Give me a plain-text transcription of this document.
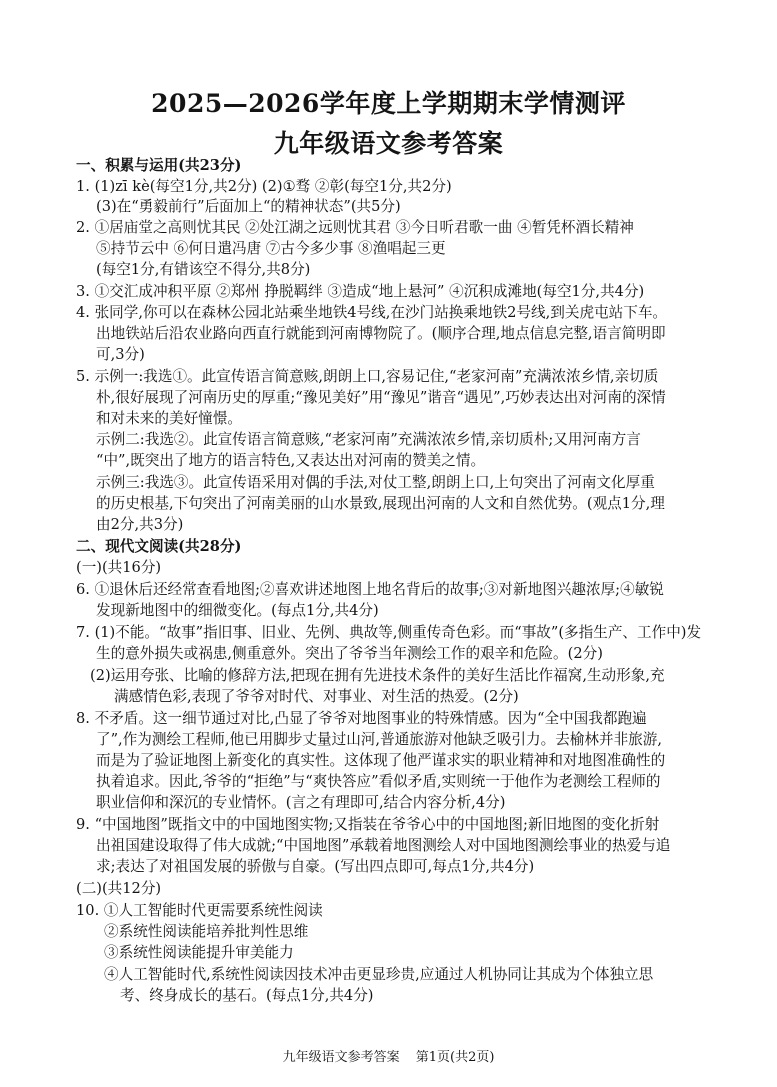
2025—2026学年度上学期期末学情测评
九年级语文参考答案
一、积累与运用(共23分)
1. (1)zī kè(每空1分,共2分) (2)①骛 ②彰(每空1分,共2分)
(3)在“勇毅前行”后面加上“的精神状态”(共5分)
2. ①居庙堂之高则忧其民 ②处江湖之远则忧其君 ③今日听君歌一曲 ④暂凭杯酒长精神
⑤持节云中 ⑥何日遣冯唐 ⑦古今多少事 ⑧渔唱起三更
(每空1分,有错该空不得分,共8分)
3. ①交汇成冲积平原 ②郑州 挣脱羁绊 ③造成“地上悬河” ④沉积成滩地(每空1分,共4分)
4. 张同学,你可以在森林公园北站乘坐地铁4号线,在沙门站换乘地铁2号线,到关虎屯站下车。
出地铁站后沿农业路向西直行就能到河南博物院了。(顺序合理,地点信息完整,语言简明即
可,3分)
5. 示例一:我选①。此宣传语言简意赅,朗朗上口,容易记住,“老家河南”充满浓浓乡情,亲切质
朴,很好展现了河南历史的厚重;“豫见美好”用“豫见”谐音“遇见”,巧妙表达出对河南的深情
和对未来的美好憧憬。
示例二:我选②。此宣传语言简意赅,“老家河南”充满浓浓乡情,亲切质朴;又用河南方言
“中”,既突出了地方的语言特色,又表达出对河南的赞美之情。
示例三:我选③。此宣传语采用对偶的手法,对仗工整,朗朗上口,上句突出了河南文化厚重
的历史根基,下句突出了河南美丽的山水景致,展现出河南的人文和自然优势。(观点1分,理
由2分,共3分)
二、现代文阅读(共28分)
(一)(共16分)
6. ①退休后还经常查看地图;②喜欢讲述地图上地名背后的故事;③对新地图兴趣浓厚;④敏锐
发现新地图中的细微变化。(每点1分,共4分)
7. (1)不能。“故事”指旧事、旧业、先例、典故等,侧重传奇色彩。而“事故”(多指生产、工作中)发
生的意外损失或祸患,侧重意外。突出了爷爷当年测绘工作的艰辛和危险。(2分)
(2)运用夸张、比喻的修辞方法,把现在拥有先进技术条件的美好生活比作福窝,生动形象,充
满感情色彩,表现了爷爷对时代、对事业、对生活的热爱。(2分)
8. 不矛盾。这一细节通过对比,凸显了爷爷对地图事业的特殊情感。因为“全中国我都跑遍
了”,作为测绘工程师,他已用脚步丈量过山河,普通旅游对他缺乏吸引力。去榆林并非旅游,
而是为了验证地图上新变化的真实性。这体现了他严谨求实的职业精神和对地图准确性的
执着追求。因此,爷爷的“拒绝”与“爽快答应”看似矛盾,实则统一于他作为老测绘工程师的
职业信仰和深沉的专业情怀。(言之有理即可,结合内容分析,4分)
9. “中国地图”既指文中的中国地图实物;又指装在爷爷心中的中国地图;新旧地图的变化折射
出祖国建设取得了伟大成就;“中国地图”承载着地图测绘人对中国地图测绘事业的热爱与追
求;表达了对祖国发展的骄傲与自豪。(写出四点即可,每点1分,共4分)
(二)(共12分)
10. ①人工智能时代更需要系统性阅读
②系统性阅读能培养批判性思维
③系统性阅读能提升审美能力
④人工智能时代,系统性阅读因技术冲击更显珍贵,应通过人机协同让其成为个体独立思
考、终身成长的基石。(每点1分,共4分)
九年级语文参考答案 第1页(共2页)
